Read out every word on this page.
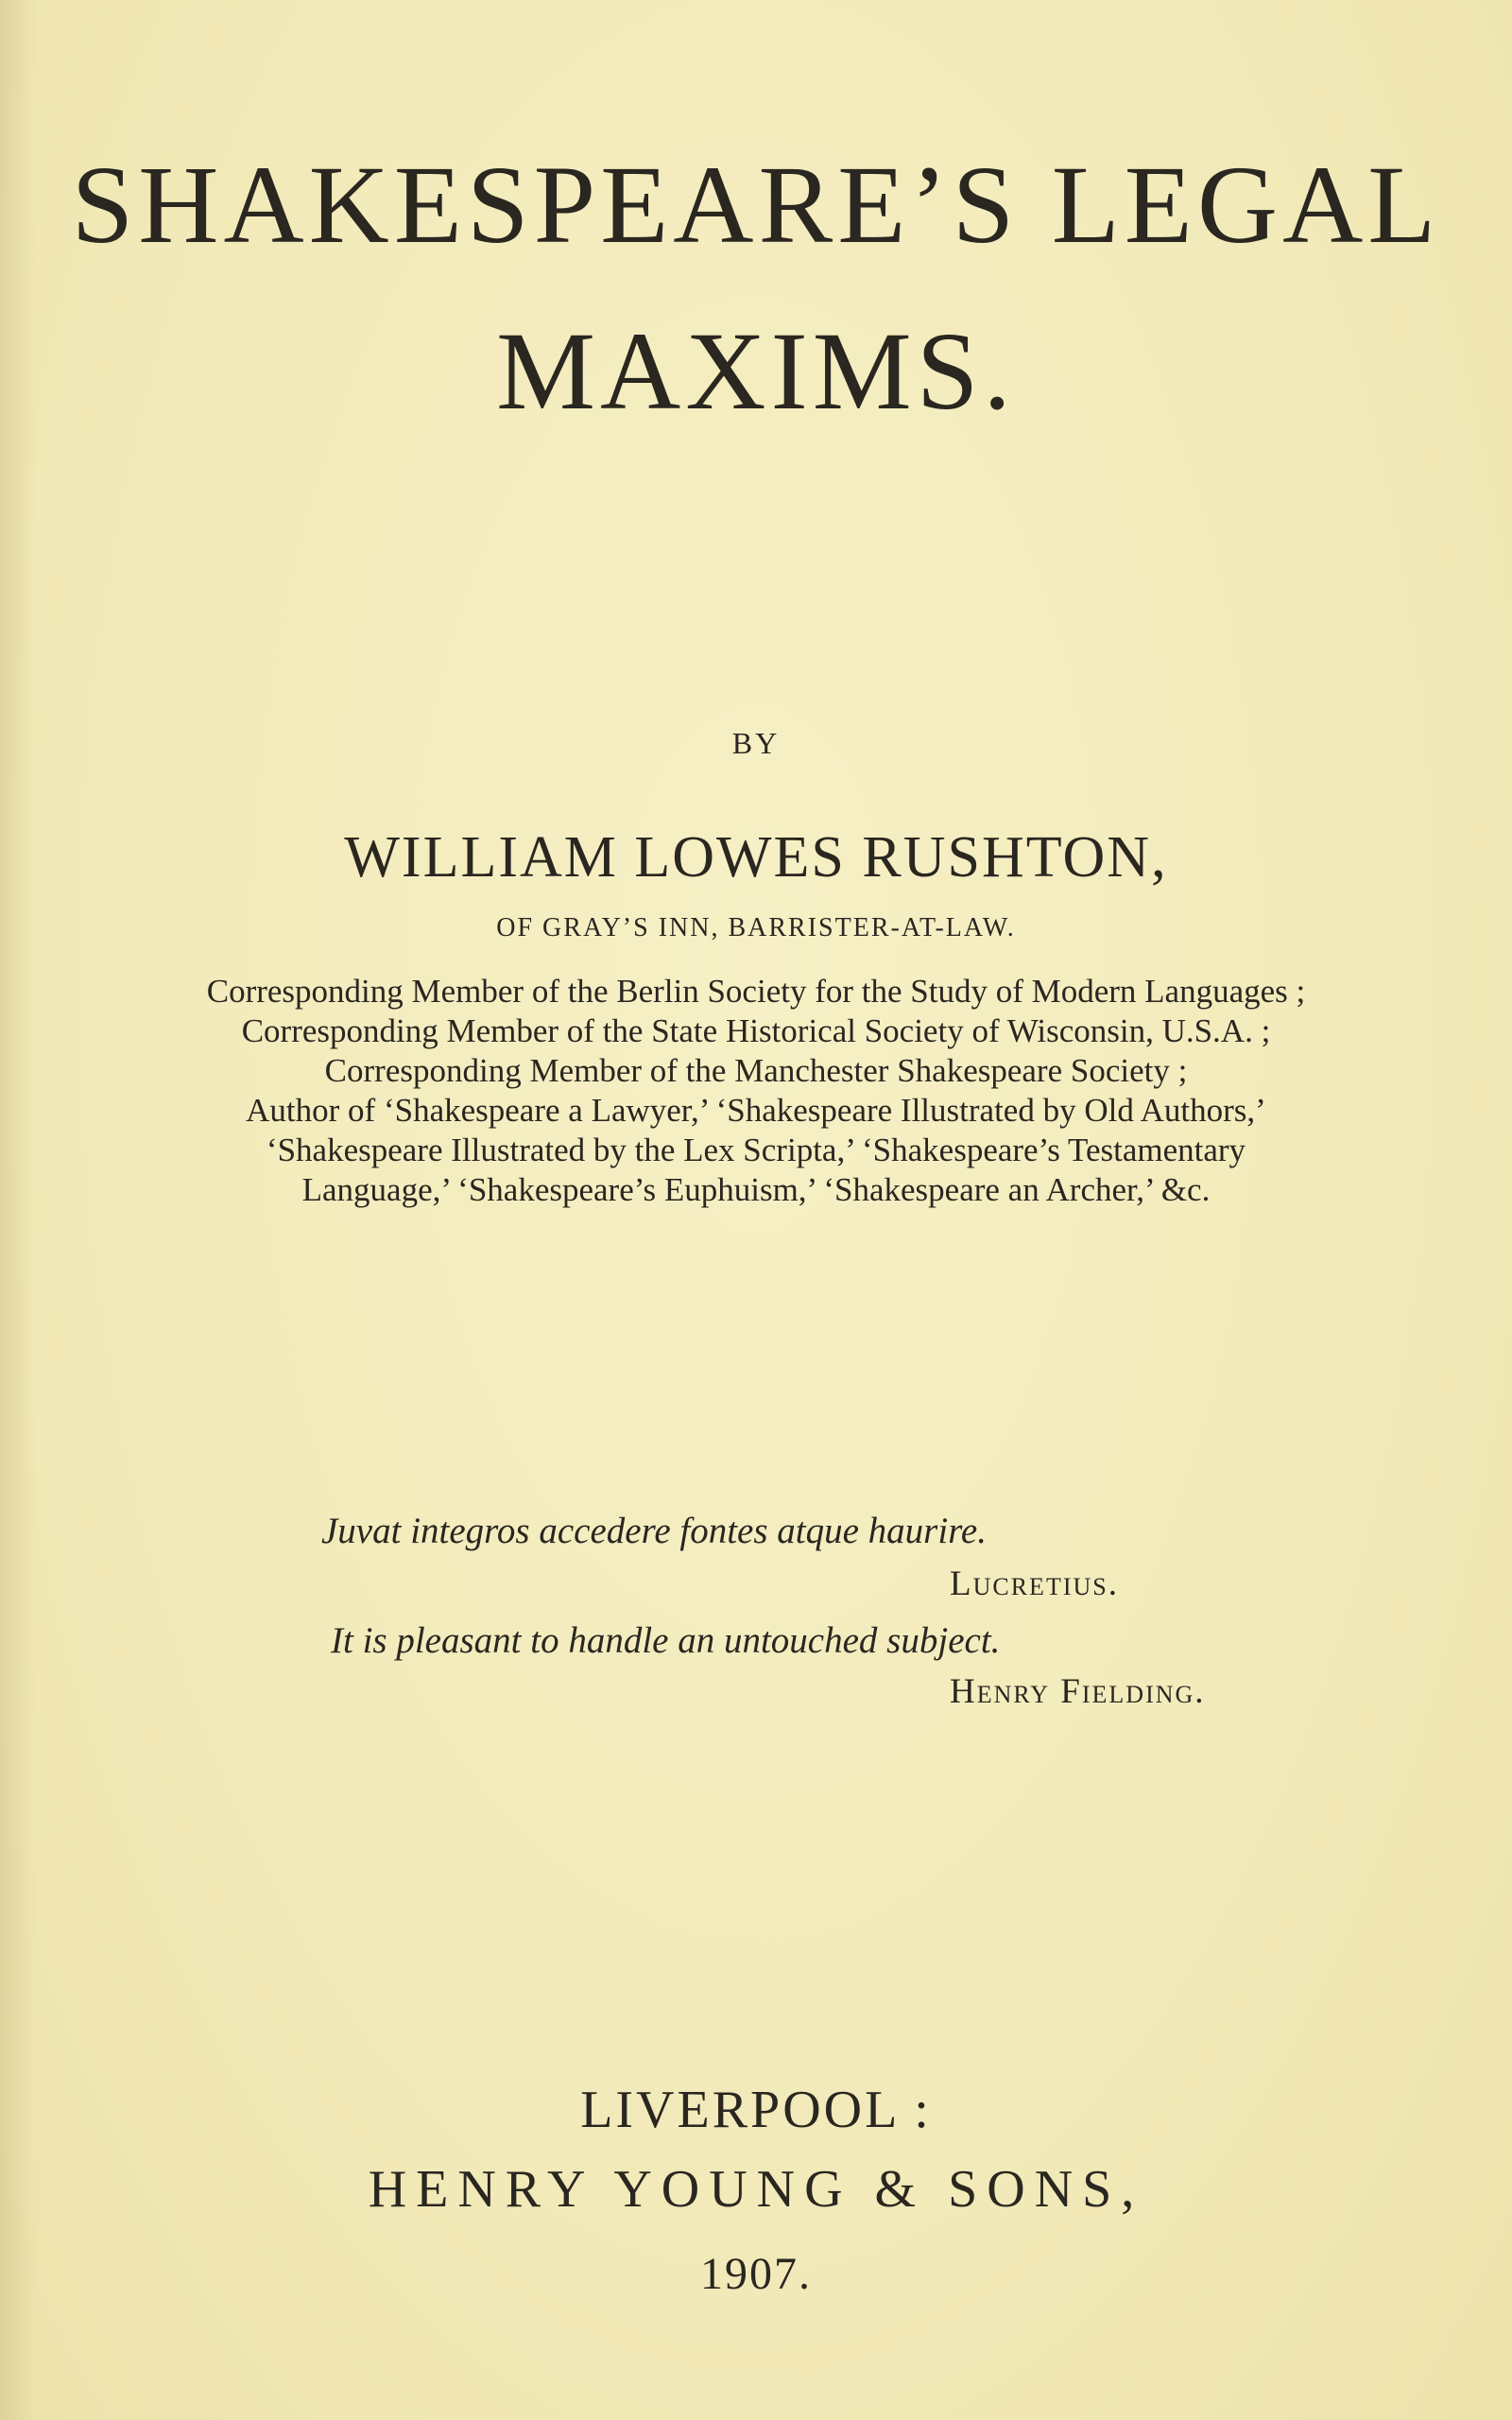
SHAKESPEARE’S LEGAL
MAXIMS.
BY
WILLIAM LOWES RUSHTON,
OF GRAY’S INN, BARRISTER-AT-LAW.
Corresponding Member of the Berlin Society for the Study of Modern Languages ;
Corresponding Member of the State Historical Society of Wisconsin, U.S.A. ;
Corresponding Member of the Manchester Shakespeare Society ;
Author of ‘Shakespeare a Lawyer,’ ‘Shakespeare Illustrated by Old Authors,’
‘Shakespeare Illustrated by the Lex Scripta,’ ‘Shakespeare’s Testamentary
Language,’ ‘Shakespeare’s Euphuism,’ ‘Shakespeare an Archer,’ &c.
Juvat integros accedere fontes atque haurire.
Lucretius.
It is pleasant to handle an untouched subject.
Henry Fielding.
LIVERPOOL :
HENRY YOUNG & SONS,
1907.
